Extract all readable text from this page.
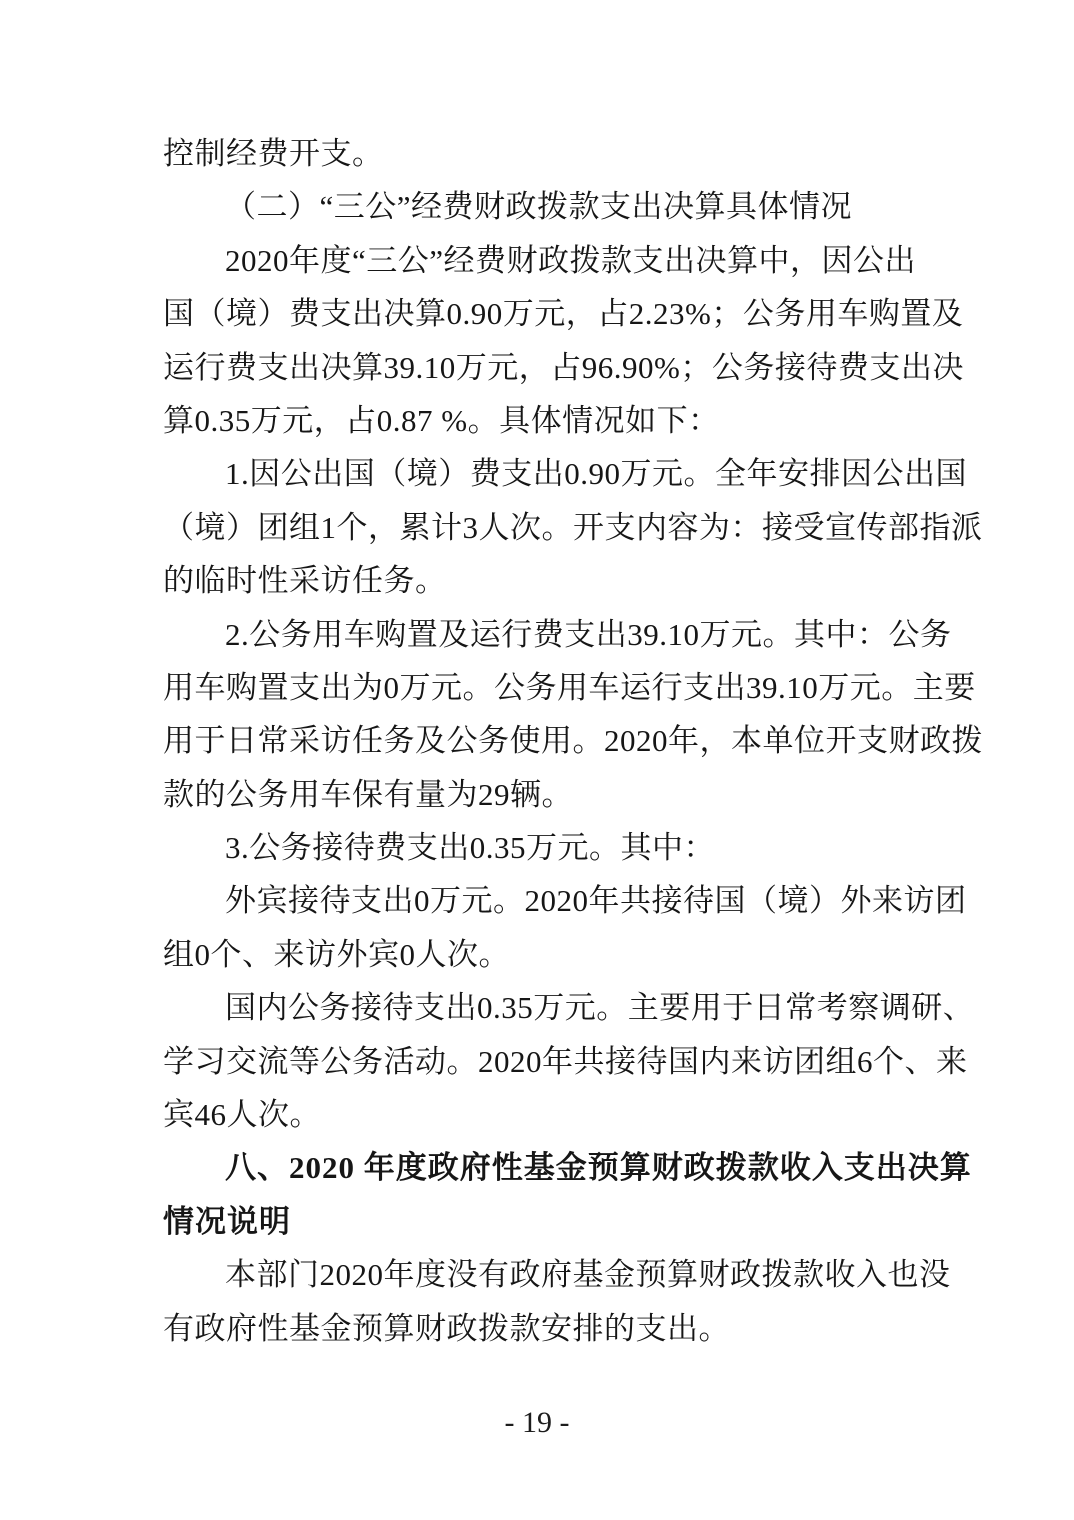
控制经费开支。
（二）“三公”经费财政拨款支出决算具体情况
2020年度“三公”经费财政拨款支出决算中，因公出
国（境）费支出决算0.90万元，占2.23%；公务用车购置及
运行费支出决算39.10万元，占96.90%；公务接待费支出决
算0.35万元，占0.87 %。具体情况如下：
1.因公出国（境）费支出0.90万元。全年安排因公出国
（境）团组1个，累计3人次。开支内容为：接受宣传部指派
的临时性采访任务。
2.公务用车购置及运行费支出39.10万元。其中：公务
用车购置支出为0万元。公务用车运行支出39.10万元。主要
用于日常采访任务及公务使用。2020年，本单位开支财政拨
款的公务用车保有量为29辆。
3.公务接待费支出0.35万元。其中：
外宾接待支出0万元。2020年共接待国（境）外来访团
组0个、来访外宾0人次。
国内公务接待支出0.35万元。主要用于日常考察调研、
学习交流等公务活动。2020年共接待国内来访团组6个、来
宾46人次。
八、2020 年度政府性基金预算财政拨款收入支出决算
情况说明
本部门2020年度没有政府基金预算财政拨款收入也没
有政府性基金预算财政拨款安排的支出。
- 19 -
